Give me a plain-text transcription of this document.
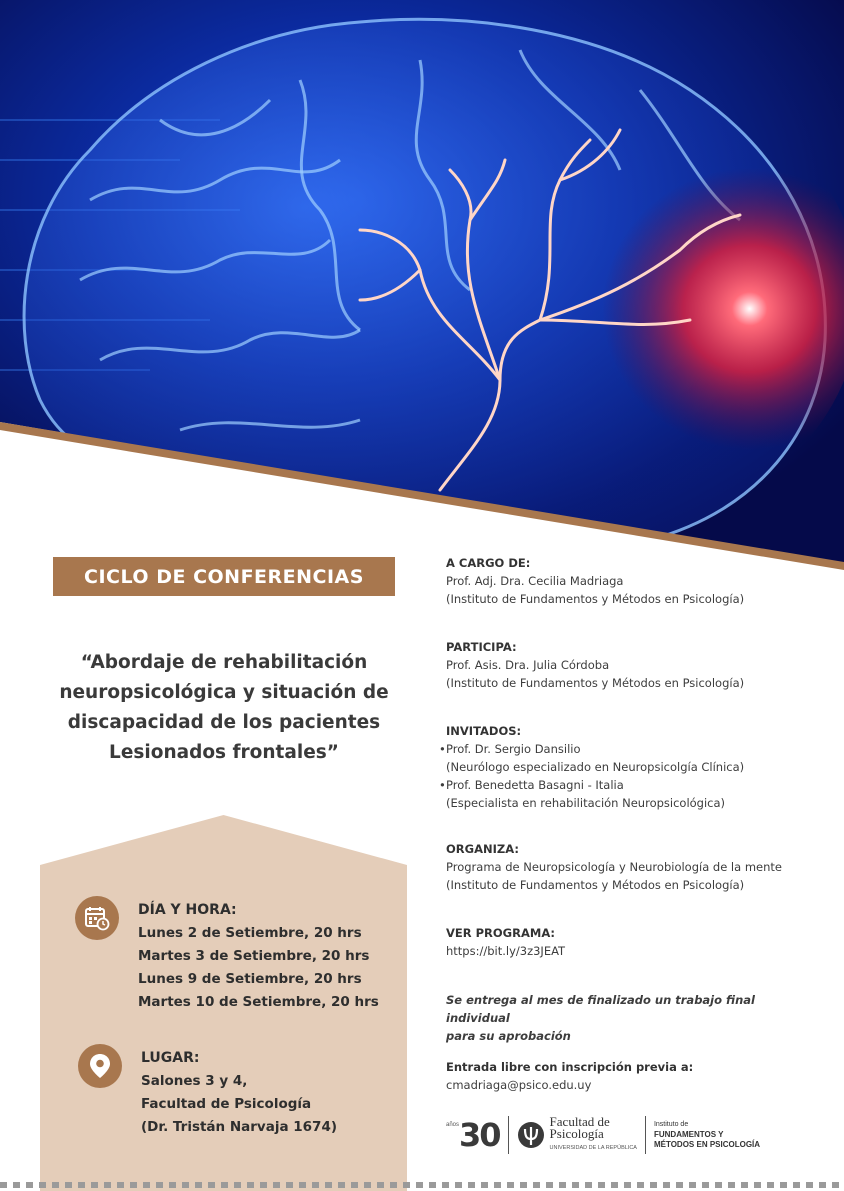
CICLO DE CONFERENCIAS
“Abordaje de rehabilitación
neuropsicológica y situación de
discapacidad de los pacientes
Lesionados frontales”
DÍA Y HORA:
Lunes 2 de Setiembre, 20 hrs
Martes 3 de Setiembre, 20 hrs
Lunes 9 de Setiembre, 20 hrs
Martes 10 de Setiembre, 20 hrs
LUGAR:
Salones 3 y 4,
Facultad de Psicología
(Dr. Tristán Narvaja 1674)
A CARGO DE:
Prof. Adj. Dra. Cecilia Madriaga
(Instituto de Fundamentos y Métodos en Psicología)
PARTICIPA:
Prof. Asis. Dra. Julia Córdoba
(Instituto de Fundamentos y Métodos en Psicología)
INVITADOS:
• Prof. Dr. Sergio Dansilio
(Neurólogo especializado en Neuropsicolgía Clínica)
• Prof. Benedetta Basagni - Italia
(Especialista en rehabilitación Neuropsicológica)
ORGANIZA:
Programa de Neuropsicología y Neurobiología de la mente
(Instituto de Fundamentos y Métodos en Psicología)
VER PROGRAMA:
https://bit.ly/3z3JEAT
Se entrega al mes de finalizado un trabajo final individual
para su aprobación
Entrada libre con inscripción previa a:
cmadriaga@psico.edu.uy
años 30	Facultad de
Psicología
UNIVERSIDAD DE LA REPÚBLICA
Instituto de
FUNDAMENTOS Y
MÉTODOS EN PSICOLOGÍA
